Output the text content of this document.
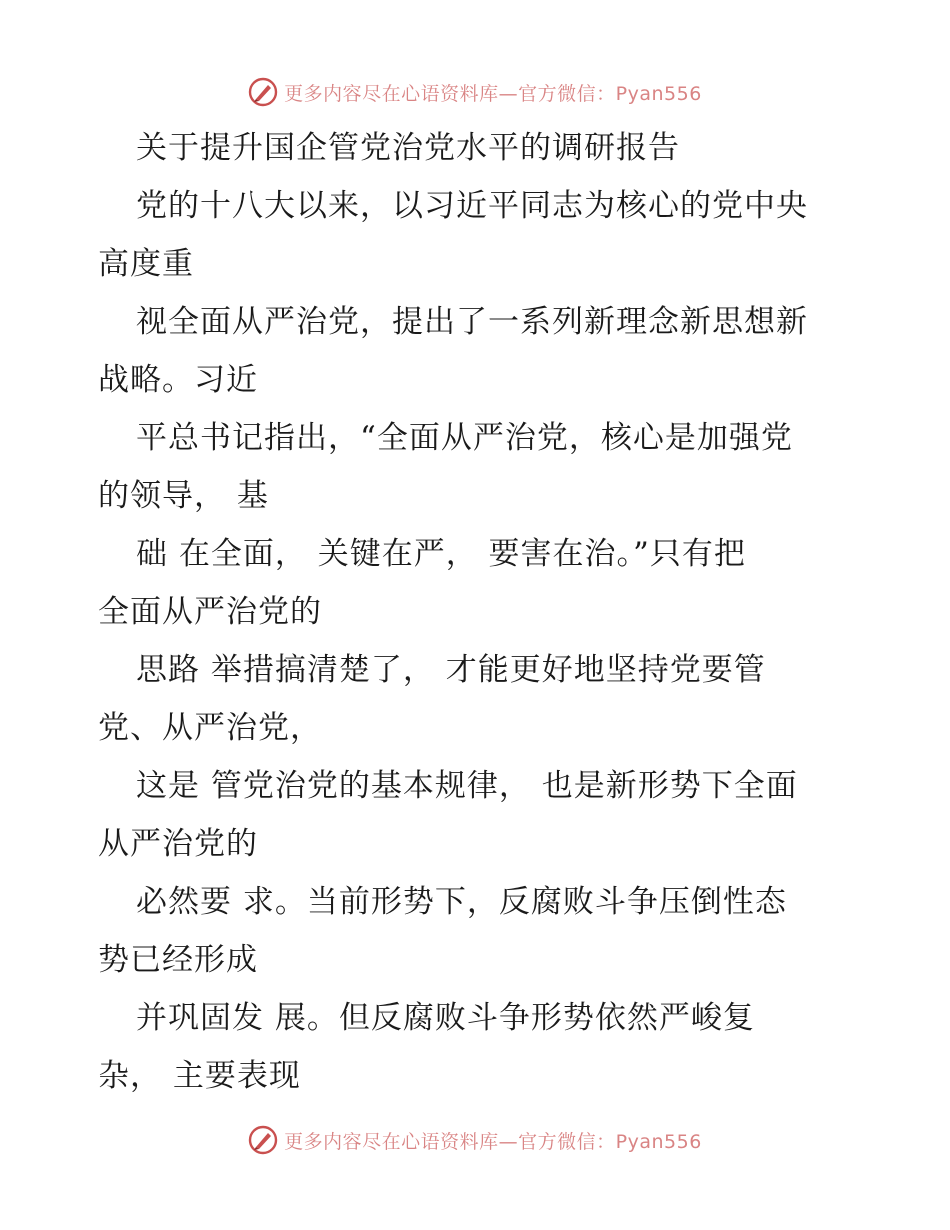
更多内容尽在心语资料库—官方微信：Pyan556
关于提升国企管党治党水平的调研报告
党的十八大以来，以习近平同志为核心的党中央
高度重
视全面从严治党，提出了一系列新理念新思想新
战略。习近
平总书记指出，“全面从严治党，核心是加强党
的领导， 基
础 在全面， 关键在严， 要害在治。”只有把
全面从严治党的
思路 举措搞清楚了， 才能更好地坚持党要管
党、从严治党，
这是 管党治党的基本规律， 也是新形势下全面
从严治党的
必然要 求。当前形势下，反腐败斗争压倒性态
势已经形成
并巩固发 展。但反腐败斗争形势依然严峻复
杂， 主要表现
更多内容尽在心语资料库—官方微信：Pyan556
